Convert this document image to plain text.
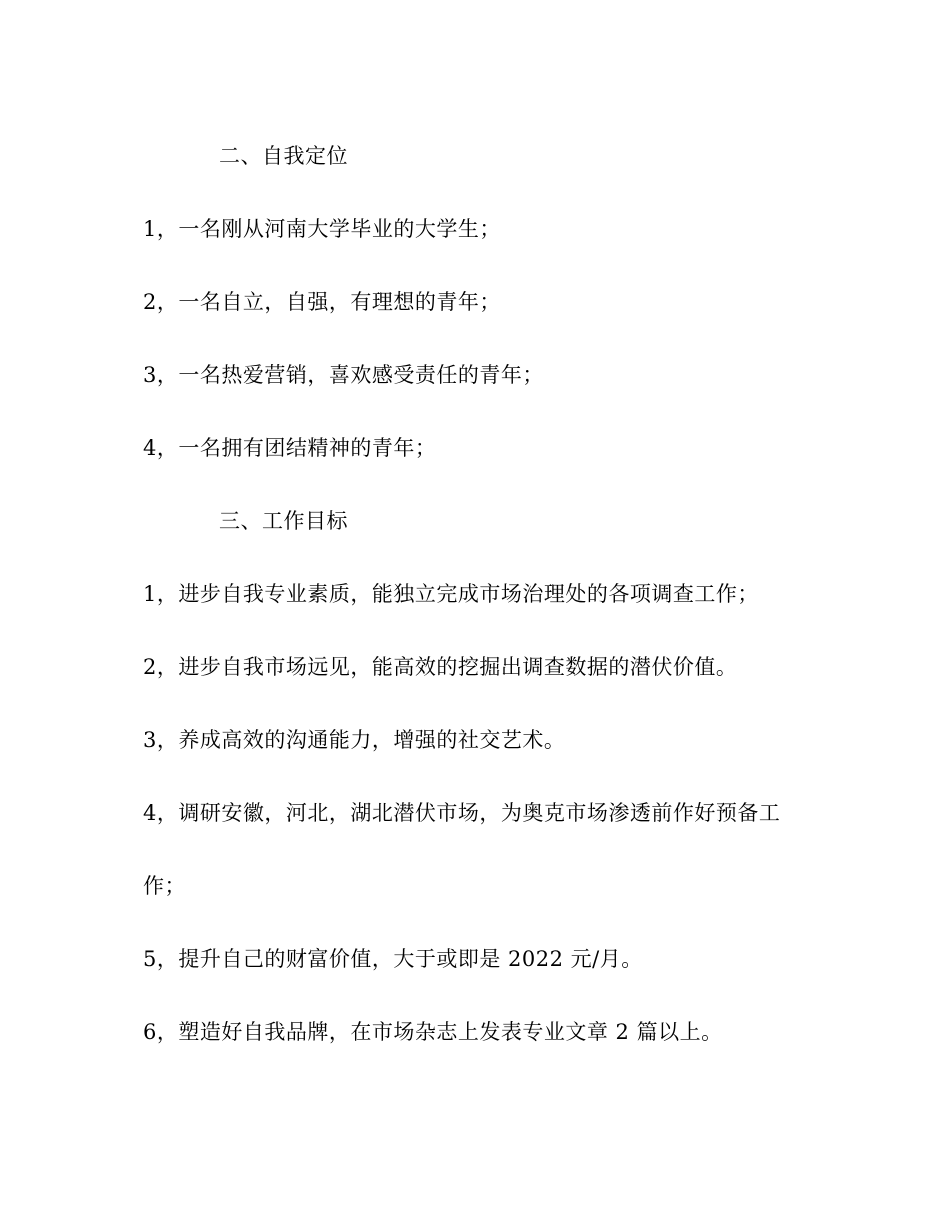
二、自我定位
1，一名刚从河南大学毕业的大学生；
2，一名自立，自强，有理想的青年；
3，一名热爱营销，喜欢感受责任的青年；
4，一名拥有团结精神的青年；
三、工作目标
1，进步自我专业素质，能独立完成市场治理处的各项调查工作；
2，进步自我市场远见，能高效的挖掘出调查数据的潜伏价值。
3，养成高效的沟通能力，增强的社交艺术。
4，调研安徽，河北，湖北潜伏市场，为奥克市场渗透前作好预备工
作；
5，提升自己的财富价值，大于或即是 2022 元/月。
6，塑造好自我品牌，在市场杂志上发表专业文章 2 篇以上。
